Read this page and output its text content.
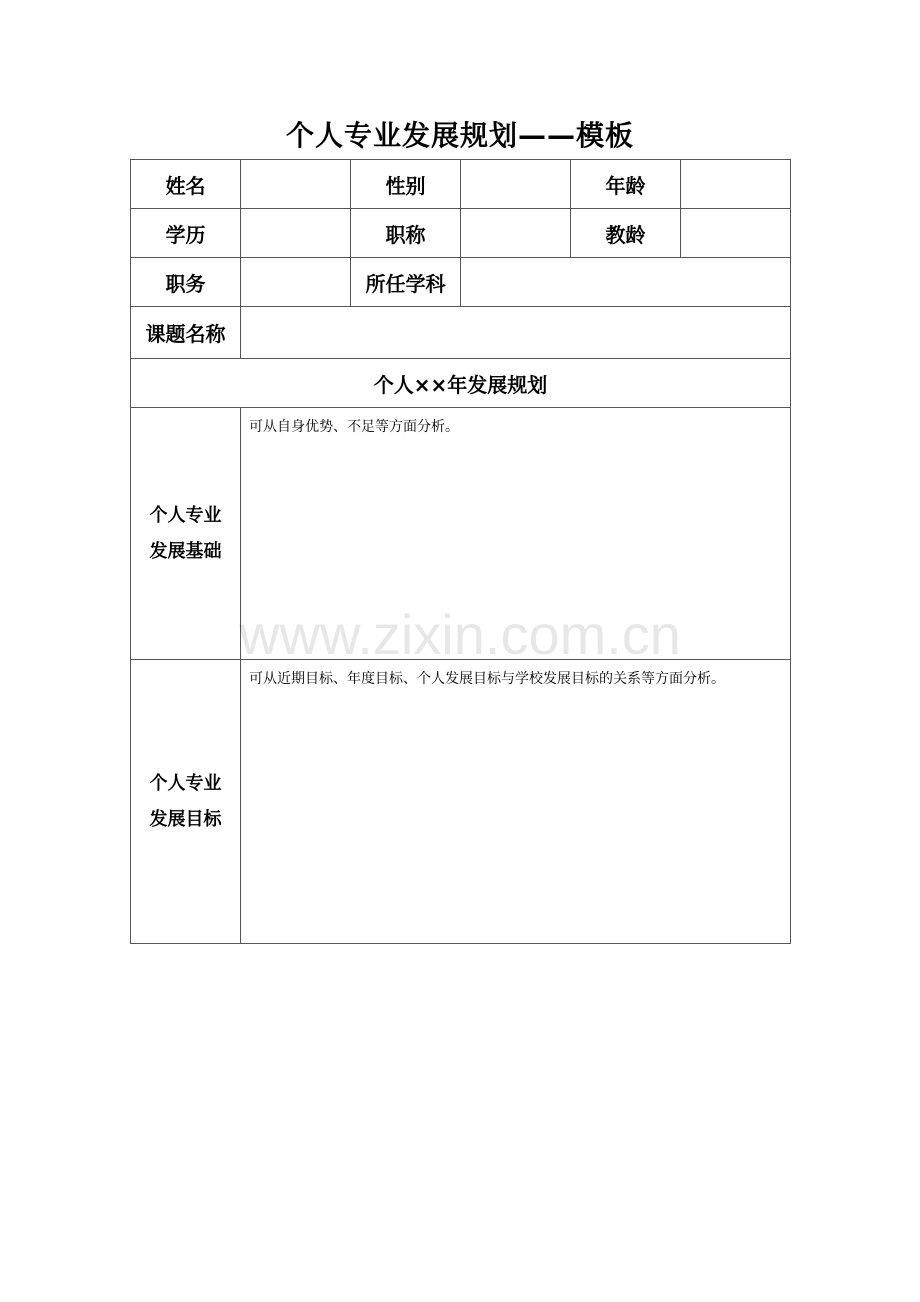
个人专业发展规划——模板
姓名		性别		年龄	
学历		职称		教龄	
职务		所任学科			
课题名称					
个人××年发展规划					

个人专业
发展基础	可从自身优势、不足等方面分析。				

个人专业
发展目标	可从近期目标、年度目标、个人发展目标与学校发展目标的关系等方面分析。				
www.zixin.com.cn
